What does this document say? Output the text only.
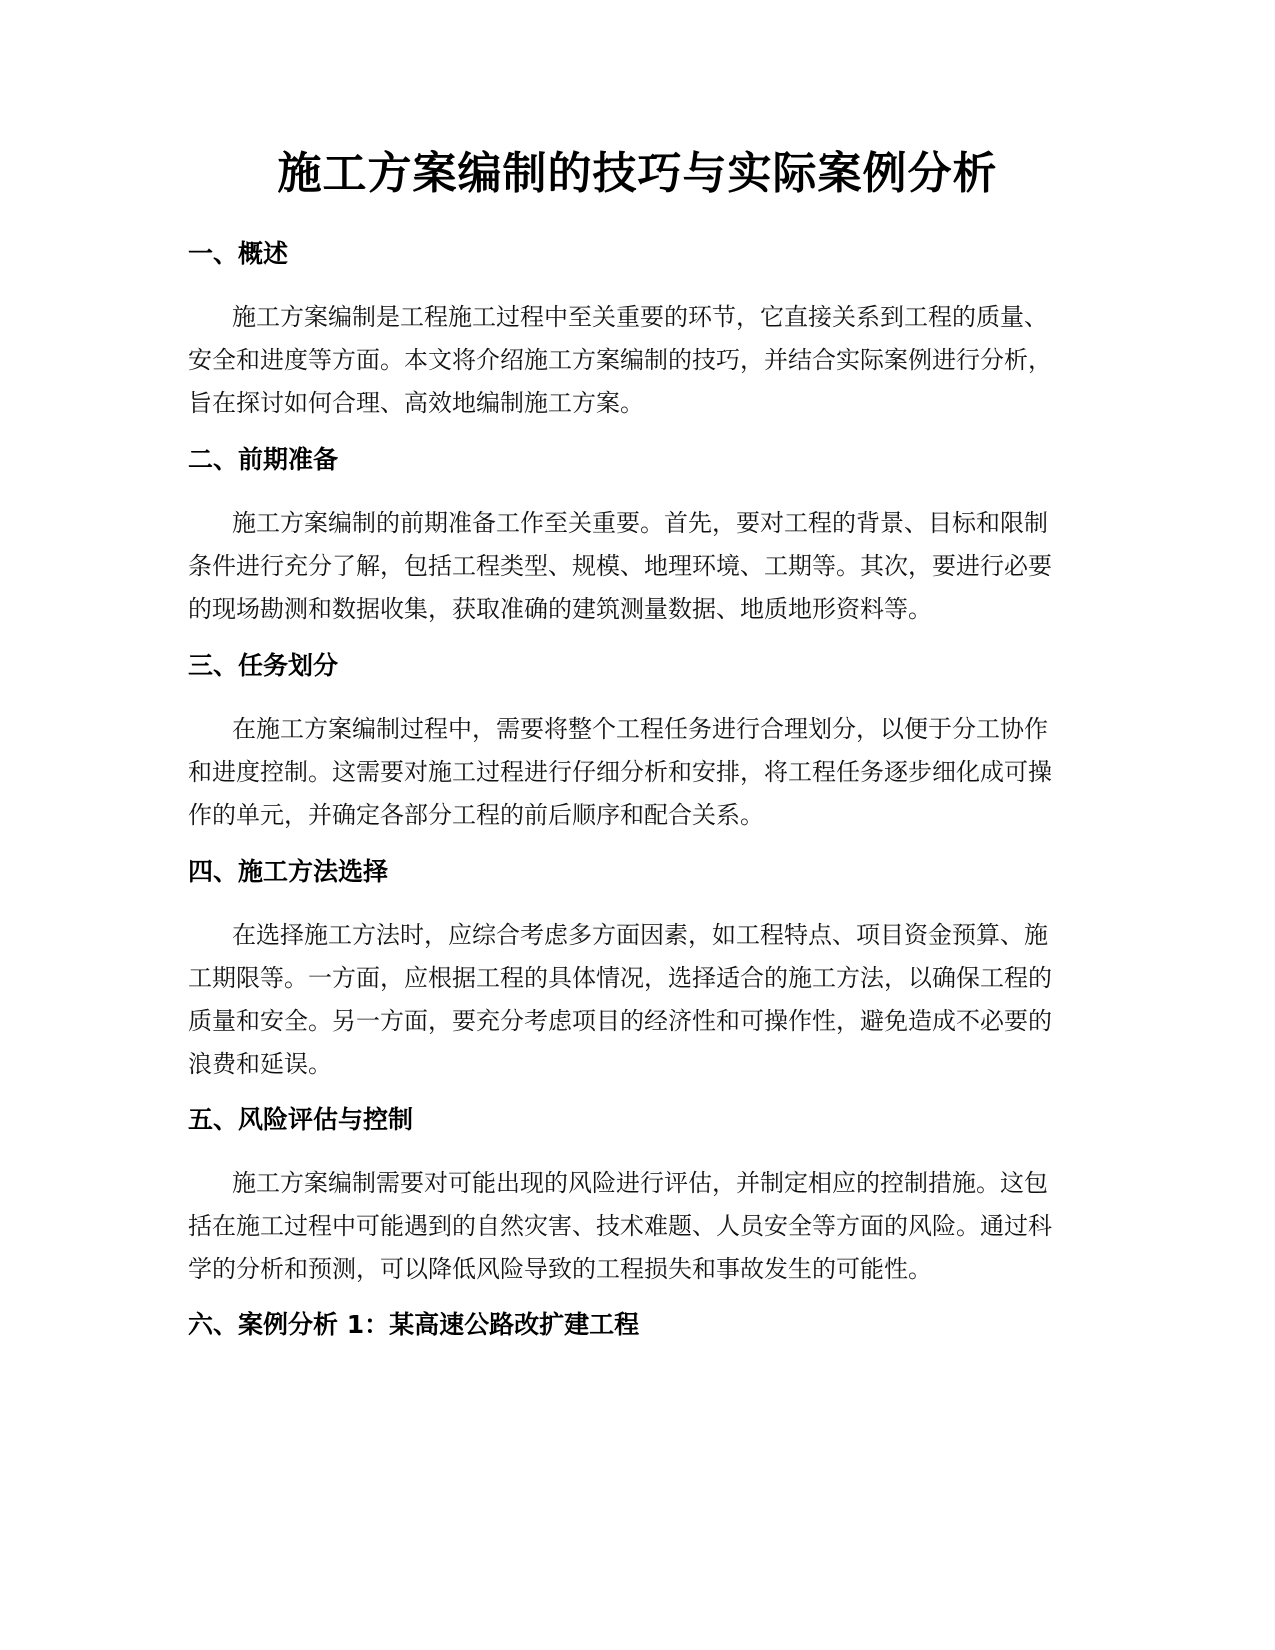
施工方案编制的技巧与实际案例分析
一、概述
施工方案编制是工程施工过程中至关重要的环节，它直接关系到工程的质量、
安全和进度等方面。本文将介绍施工方案编制的技巧，并结合实际案例进行分析，
旨在探讨如何合理、高效地编制施工方案。
二、前期准备
施工方案编制的前期准备工作至关重要。首先，要对工程的背景、目标和限制
条件进行充分了解，包括工程类型、规模、地理环境、工期等。其次，要进行必要
的现场勘测和数据收集，获取准确的建筑测量数据、地质地形资料等。
三、任务划分
在施工方案编制过程中，需要将整个工程任务进行合理划分，以便于分工协作
和进度控制。这需要对施工过程进行仔细分析和安排，将工程任务逐步细化成可操
作的单元，并确定各部分工程的前后顺序和配合关系。
四、施工方法选择
在选择施工方法时，应综合考虑多方面因素，如工程特点、项目资金预算、施
工期限等。一方面，应根据工程的具体情况，选择适合的施工方法，以确保工程的
质量和安全。另一方面，要充分考虑项目的经济性和可操作性，避免造成不必要的
浪费和延误。
五、风险评估与控制
施工方案编制需要对可能出现的风险进行评估，并制定相应的控制措施。这包
括在施工过程中可能遇到的自然灾害、技术难题、人员安全等方面的风险。通过科
学的分析和预测，可以降低风险导致的工程损失和事故发生的可能性。
六、案例分析 1：某高速公路改扩建工程
